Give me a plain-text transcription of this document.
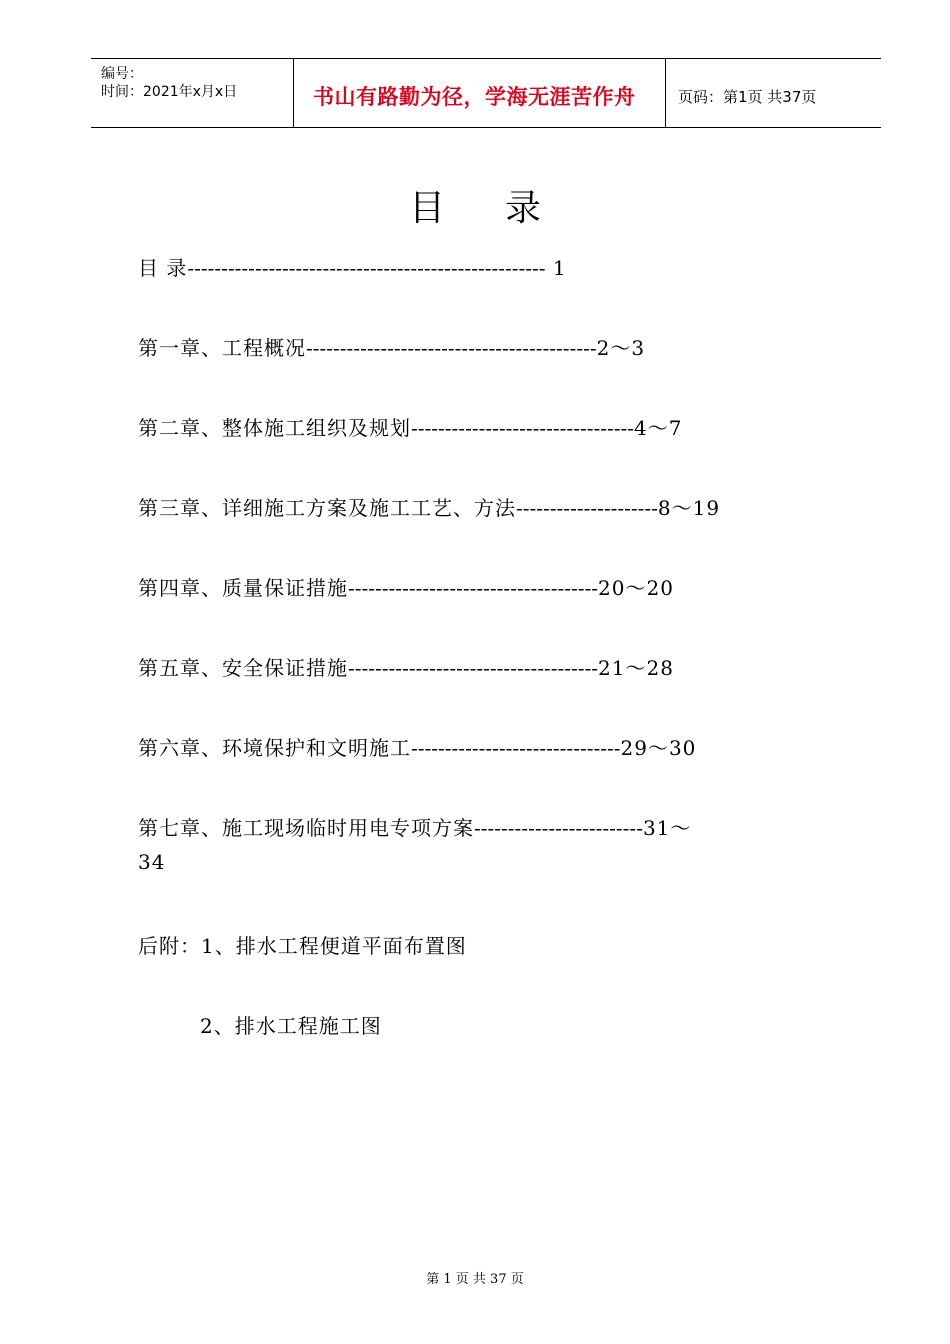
编号：
时间：2021年x月x日	书山有路勤为径，学海无涯苦作舟	页码：第1页 共37页
目录
目 录----------------------------------------------------- 1
第一章、工程概况-------------------------------------------2～3
第二章、整体施工组织及规划---------------------------------4～7
第三章、详细施工方案及施工工艺、方法---------------------8～19
第四章、质量保证措施-------------------------------------20～20
第五章、安全保证措施-------------------------------------21～28
第六章、环境保护和文明施工-------------------------------29～30
第七章、施工现场临时用电专项方案-------------------------31～
34
后附：1、排水工程便道平面布置图
2、排水工程施工图
第 1 页 共 37 页
